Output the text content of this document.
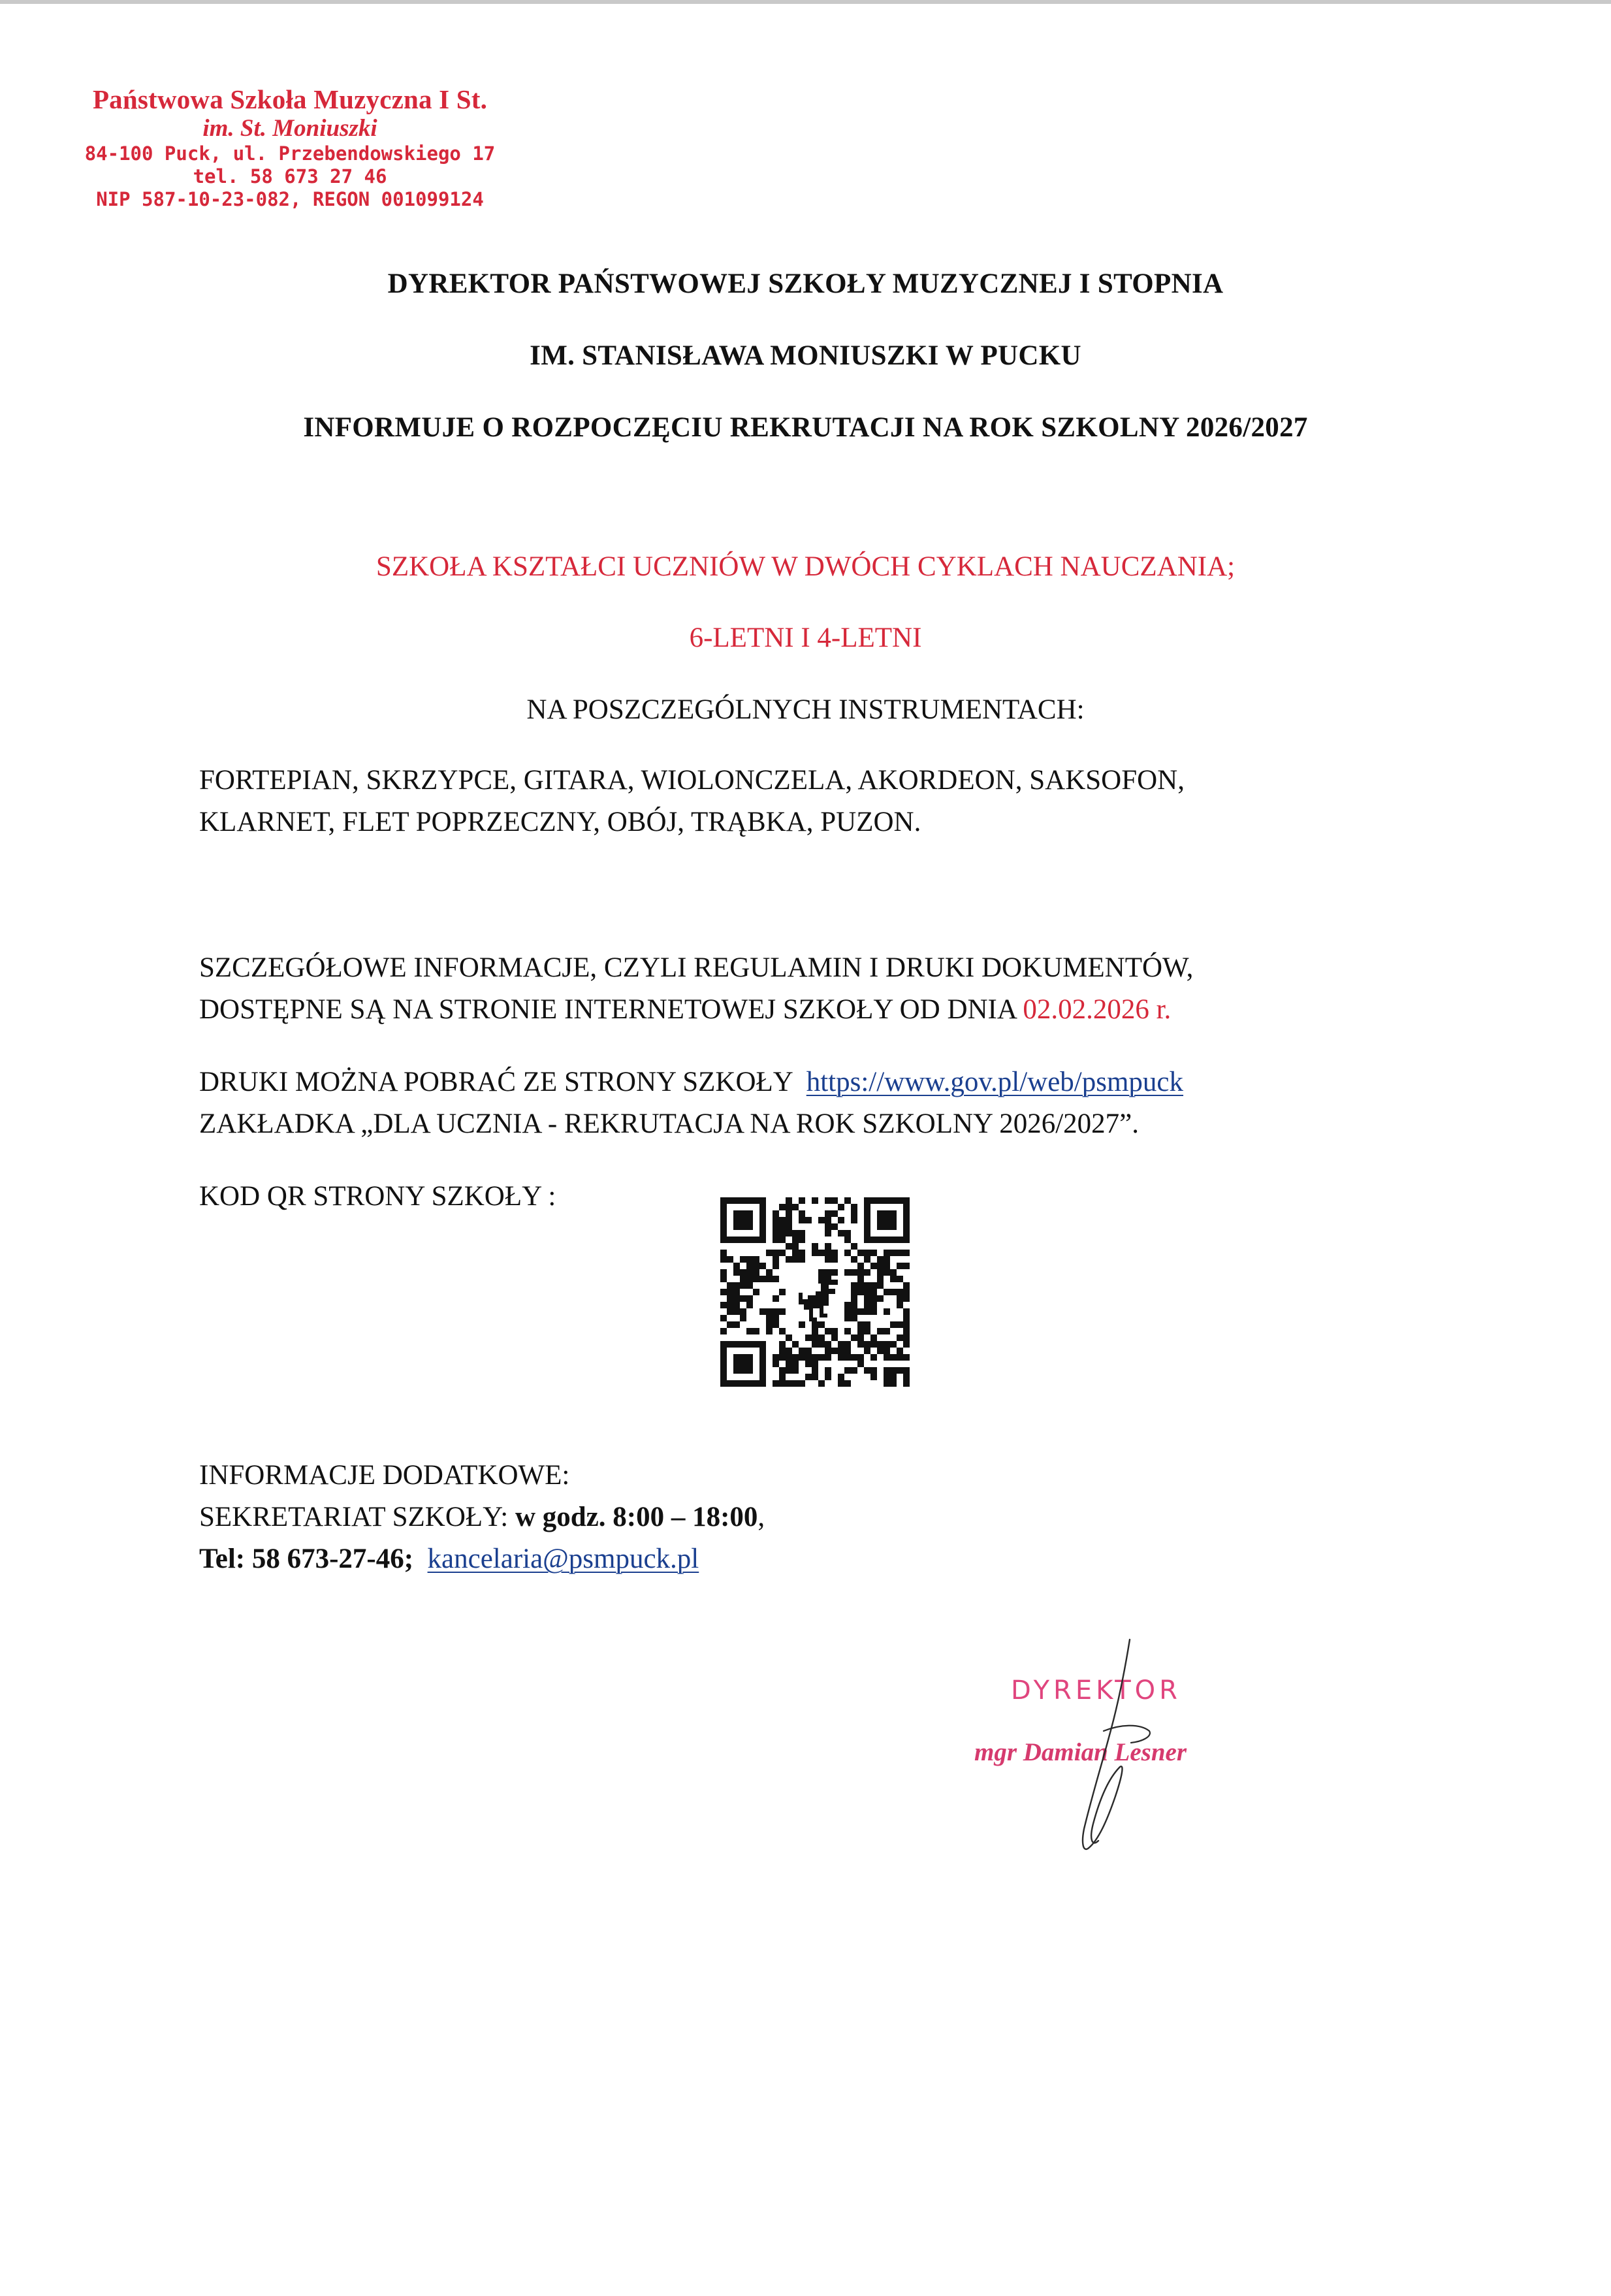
Państwowa Szkoła Muzyczna I St.
im. St. Moniuszki
84-100 Puck, ul. Przebendowskiego 17
tel. 58 673 27 46
NIP 587-10-23-082, REGON 001099124
DYREKTOR PAŃSTWOWEJ SZKOŁY MUZYCZNEJ I STOPNIA
IM. STANISŁAWA MONIUSZKI W PUCKU
INFORMUJE O ROZPOCZĘCIU REKRUTACJI NA ROK SZKOLNY 2026/2027
SZKOŁA KSZTAŁCI UCZNIÓW W DWÓCH CYKLACH NAUCZANIA;
6-LETNI I 4-LETNI
NA POSZCZEGÓLNYCH INSTRUMENTACH:
FORTEPIAN, SKRZYPCE, GITARA, WIOLONCZELA, AKORDEON, SAKSOFON,
KLARNET, FLET POPRZECZNY, OBÓJ, TRĄBKA, PUZON.
SZCZEGÓŁOWE INFORMACJE, CZYLI REGULAMIN I DRUKI DOKUMENTÓW,
DOSTĘPNE SĄ NA STRONIE INTERNETOWEJ SZKOŁY OD DNIA 02.02.2026 r.
DRUKI MOŻNA POBRAĆ ZE STRONY SZKOŁY  https://www.gov.pl/web/psmpuck
ZAKŁADKA „DLA UCZNIA - REKRUTACJA NA ROK SZKOLNY 2026/2027”.
KOD QR STRONY SZKOŁY :
INFORMACJE DODATKOWE:
SEKRETARIAT SZKOŁY: w godz. 8:00 – 18:00,
Tel: 58 673-27-46; kancelaria@psmpuck.pl
DYREKTOR
mgr Damian Lesner
